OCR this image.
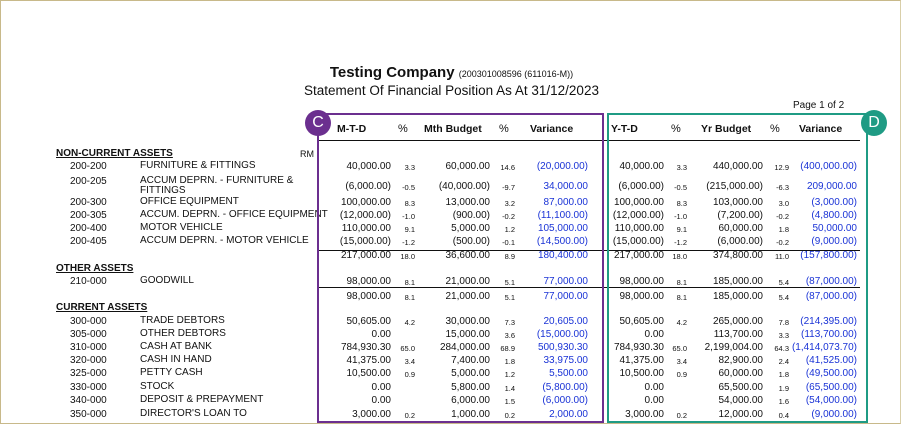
Testing Company (200301008596 (611016-M))
Statement Of Financial Position As At 31/12/2023
Page 1 of 2
M-T-D	% Mth Budget % Variance	Y-T-D	% Yr Budget % Variance
NON-CURRENT ASSETS	RM
OTHER ASSETS
CURRENT ASSETS
200-200	FURNITURE & FITTINGS	40,000.00 3.3	60,000.00 14.6 (20,000.00)	40,000.00 3.3	440,000.00 12.9 (400,000.00)
200-205	ACCUM DEPRN. - FURNITURE &
FITTINGS	(6,000.00) -0.5 (40,000.00) -9.7	34,000.00	(6,000.00) -0.5 (215,000.00) -6.3 209,000.00
200-300	OFFICE EQUIPMENT	100,000.00 8.3	13,000.00 3.2	87,000.00	100,000.00 8.3	103,000.00 3.0 (3,000.00)
200-305	ACCUM. DEPRN. - OFFICE EQUIPMENT (12,000.00) -1.0	(900.00) -0.2 (11,100.00) (12,000.00) -1.0	(7,200.00) -0.2 (4,800.00)
200-400	MOTOR VEHICLE	110,000.00 9.1	5,000.00 1.2 105,000.00	110,000.00 9.1	60,000.00 1.8 50,000.00
200-405	ACCUM DEPRN. - MOTOR VEHICLE	(15,000.00) -1.2	(500.00) -0.1 (14,500.00) (15,000.00) -1.2	(6,000.00) -0.2 (9,000.00)
217,000.00 18.0	36,600.00 8.9 180,400.00	217,000.00 18.0	374,800.00 11.0 (157,800.00)
210-000	GOODWILL	98,000.00 8.1	21,000.00 5.1	77,000.00	98,000.00 8.1	185,000.00 5.4 (87,000.00)
98,000.00 8.1	21,000.00 5.1	77,000.00	98,000.00 8.1	185,000.00 5.4 (87,000.00)
300-000	TRADE DEBTORS	50,605.00 4.2	30,000.00 7.3	20,605.00	50,605.00 4.2	265,000.00 7.8 (214,395.00)
305-000	OTHER DEBTORS	0.00	15,000.00 3.6 (15,000.00)	0.00	113,700.00 3.3 (113,700.00)
310-000	CASH AT BANK	784,930.30 65.0 284,000.00 68.9 500,930.30	784,930.30 65.0 2,199,004.00 64.3 (1,414,073.70)
320-000	CASH IN HAND	41,375.00 3.4	7,400.00 1.8	33,975.00	41,375.00 3.4	82,900.00 2.4 (41,525.00)
325-000	PETTY CASH	10,500.00 0.9	5,000.00 1.2	5,500.00	10,500.00 0.9	60,000.00 1.8 (49,500.00)
330-000	STOCK	0.00	5,800.00 1.4	(5,800.00)	0.00	65,500.00 1.9 (65,500.00)
340-000	DEPOSIT & PREPAYMENT	0.00	6,000.00 1.5	(6,000.00)	0.00	54,000.00 1.6 (54,000.00)
350-000	DIRECTOR'S LOAN TO	3,000.00 0.2	1,000.00 0.2	2,000.00	3,000.00 0.2	12,000.00 0.4 (9,000.00)
C	D
